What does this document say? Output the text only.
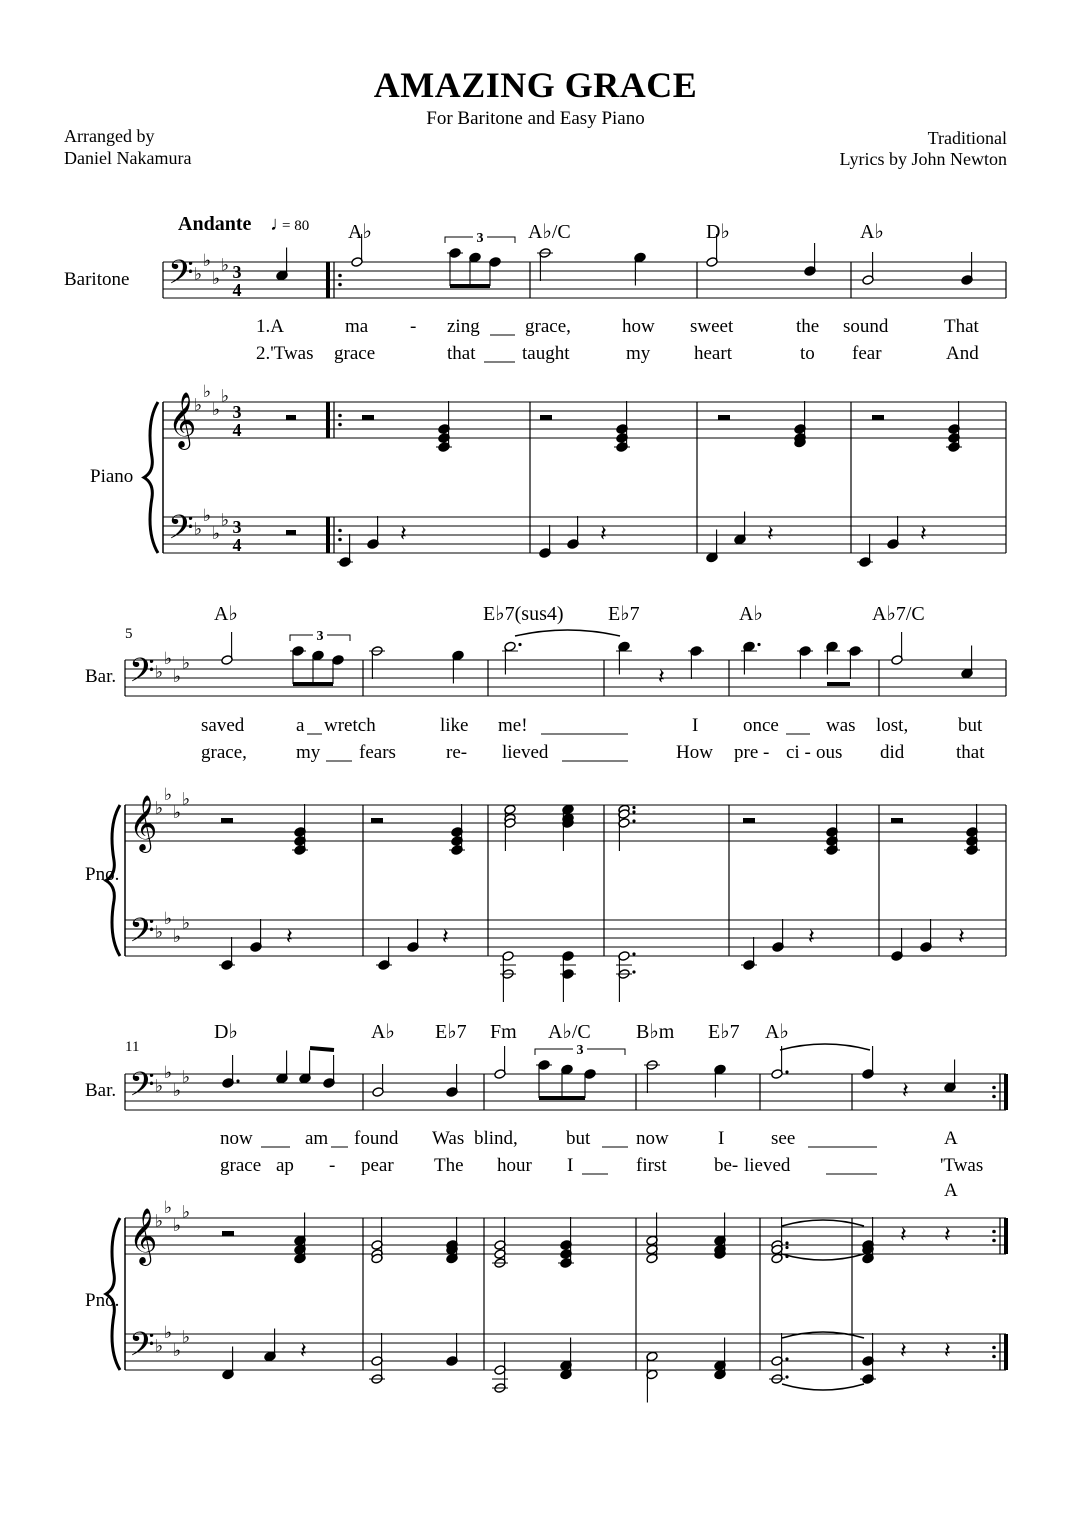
AMAZING GRACE
For Baritone and Easy Piano
Arranged by
Daniel Nakamura
Traditional
Lyrics by John Newton
Baritone
Piano
Andante ♩
= 80 A♭	A♭/C	D♭	A♭
𝄢 ♭
♭
♭
♭ 3
4
𝄞
♭
♭
♭
♭
3
4
𝄢 ♭
♭
♭
♭ 3
4
3
1.A	ma - zing grace,	how sweet	the sound	That
2.'Twas grace	that taught	my heart	to fear	And
𝄽	𝄽	𝄽	𝄽
5
Bar.
Pno.
A♭	E♭7(sus4) E♭7	A♭	A♭7/C
𝄢 ♭
♭
♭
♭
𝄞
♭
♭
♭
♭
𝄢 ♭
♭
♭
♭
3
𝄽
saved	a wretch	like me!	I once was lost,	but
grace,	my fears	re- lieved	How pre - ci - ous did	that
𝄽	𝄽	𝄽	𝄽
11
Bar.
Pno.
D♭	A♭ E♭7 Fm A♭/C B♭m E♭7 A♭
𝄢 ♭
♭
♭
♭
𝄞
♭
♭
♭
♭
𝄢 ♭
♭
♭
♭
3
𝄽
now	am found Was blind,	but now	I see	A
grace ap - pear The hour I	first be- lieved	'Twas
A
𝄽 𝄽
𝄽	𝄽 𝄽
